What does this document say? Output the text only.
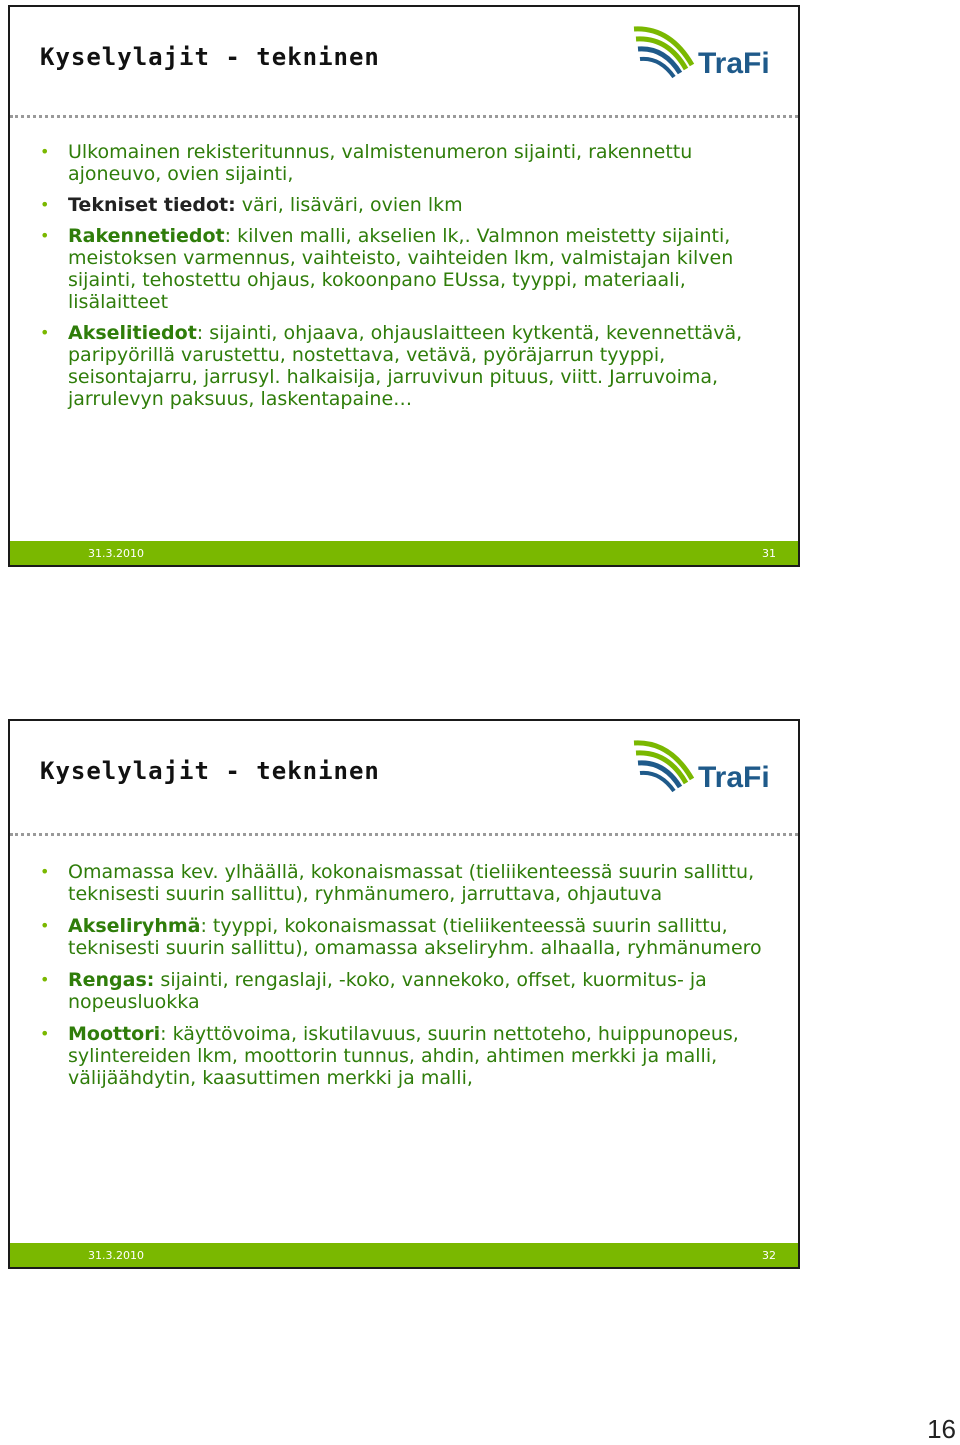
Kyselylajit - tekninen	TraFi
• Ulkomainen rekisteritunnus, valmistenumeron sijainti, rakennettu ajoneuvo, ovien sijainti,
• Tekniset tiedot: väri, lisäväri, ovien lkm
• Rakennetiedot: kilven malli, akselien lk,. Valmnon meistetty sijainti, meistoksen varmennus, vaihteisto, vaihteiden lkm, valmistajan kilven sijainti, tehostettu ohjaus, kokoonpano EUssa, tyyppi, materiaali, lisälaitteet
• Akselitiedot: sijainti, ohjaava, ohjauslaitteen kytkentä, kevennettävä, paripyörillä varustettu, nostettava, vetävä, pyöräjarrun tyyppi, seisontajarru, jarrusyl. halkaisija, jarruvivun pituus, viitt. Jarruvoima, jarrulevyn paksuus, laskentapaine…
31.3.2010	31
Kyselylajit - tekninen	TraFi
• Omamassa kev. ylhäällä, kokonaismassat (tieliikenteessä suurin sallittu, teknisesti suurin sallittu), ryhmänumero, jarruttava, ohjautuva
• Akseliryhmä: tyyppi, kokonaismassat (tieliikenteessä suurin sallittu, teknisesti suurin sallittu), omamassa akseliryhm. alhaalla, ryhmänumero
• Rengas: sijainti, rengaslaji, -koko, vannekoko, offset, kuormitus- ja nopeusluokka
• Moottori: käyttövoima, iskutilavuus, suurin nettoteho, huippunopeus, sylintereiden lkm, moottorin tunnus, ahdin, ahtimen merkki ja malli, välijäähdytin, kaasuttimen merkki ja malli,
31.3.2010	32
16
